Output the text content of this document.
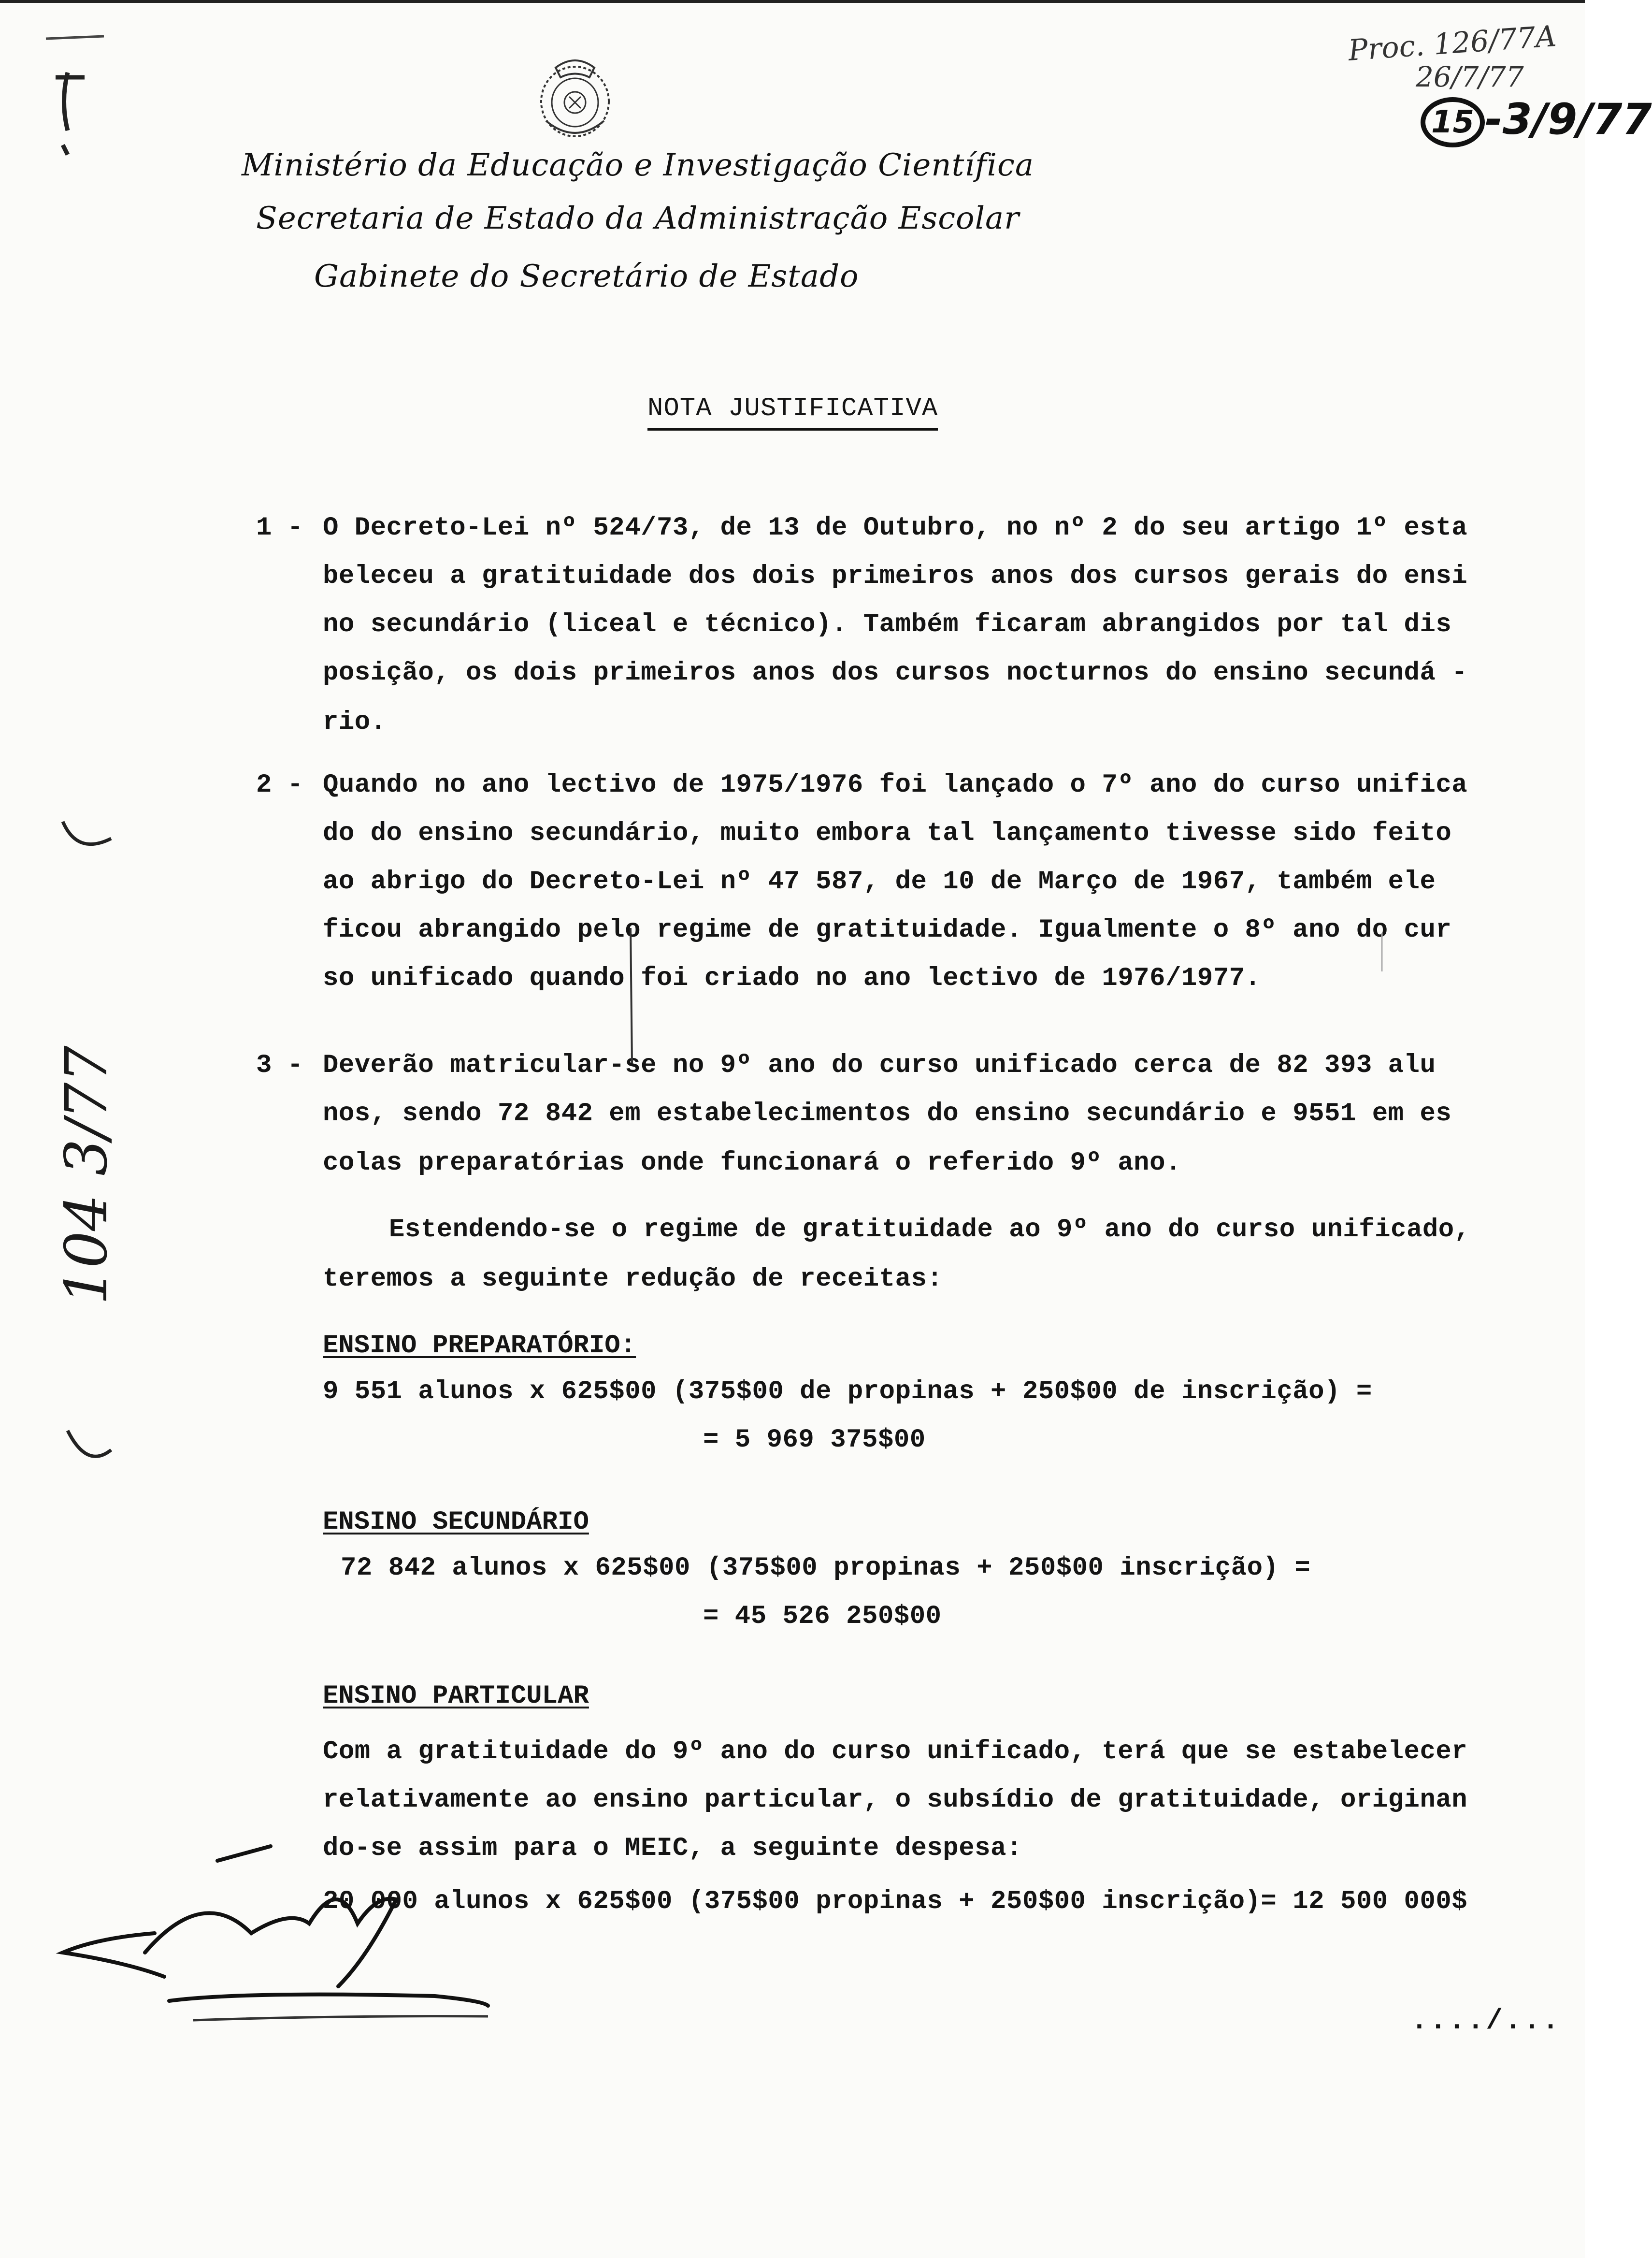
Ministério da Educação e Investigação Científica
Secretaria de Estado da Administração Escolar
Gabinete do Secretário de Estado
Proc. 126/77A
26/7/77
15 -3/9/77
NOTA JUSTIFICATIVA
1 - O Decreto-Lei nº 524/73, de 13 de Outubro, no nº 2 do seu artigo 1º esta
beleceu a gratituidade dos dois primeiros anos dos cursos gerais do ensi
no secundário (liceal e técnico). Também ficaram abrangidos por tal dis
posição, os dois primeiros anos dos cursos nocturnos do ensino secundá -
rio.
2 - Quando no ano lectivo de 1975/1976 foi lançado o 7º ano do curso unifica
do do ensino secundário, muito embora tal lançamento tivesse sido feito
ao abrigo do Decreto-Lei nº 47 587, de 10 de Março de 1967, também ele
ficou abrangido pelo regime de gratituidade. Igualmente o 8º ano do cur
so unificado quando foi criado no ano lectivo de 1976/1977.
3 - Deverão matricular-se no 9º ano do curso unificado cerca de 82 393 alu
nos, sendo 72 842 em estabelecimentos do ensino secundário e 9551 em es
colas preparatórias onde funcionará o referido 9º ano.
Estendendo-se o regime de gratituidade ao 9º ano do curso unificado,
teremos a seguinte redução de receitas:
ENSINO PREPARATÓRIO:
9 551 alunos x 625$00 (375$00 de propinas + 250$00 de inscrição) =
= 5 969 375$00
ENSINO SECUNDÁRIO
72 842 alunos x 625$00 (375$00 propinas + 250$00 inscrição) =
= 45 526 250$00
ENSINO PARTICULAR
Com a gratituidade do 9º ano do curso unificado, terá que se estabelecer
relativamente ao ensino particular, o subsídio de gratituidade, originan
do-se assim para o MEIC, a seguinte despesa:
20 000 alunos x 625$00 (375$00 propinas + 250$00 inscrição)= 12 500 000$
..../...
104 3/77
